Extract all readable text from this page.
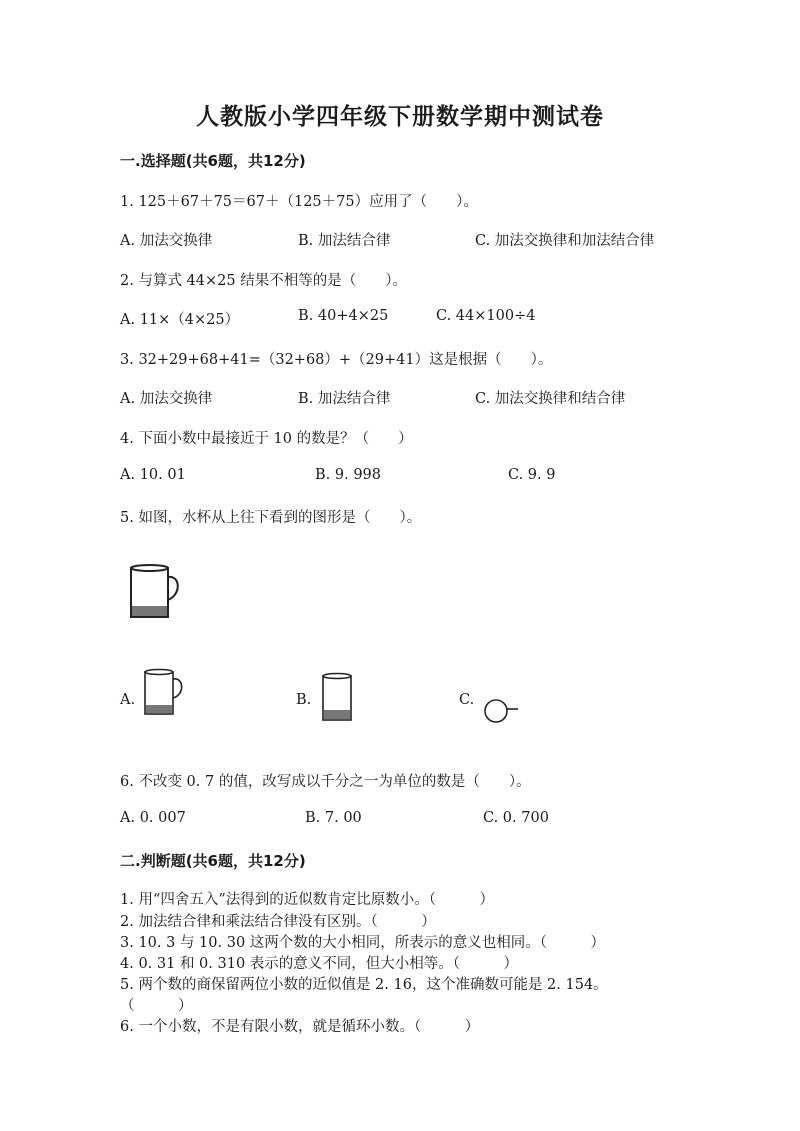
人教版小学四年级下册数学期中测试卷
一.选择题(共6题，共12分)
1. 125＋67＋75＝67＋（125＋75）应用了（　　）。
A. 加法交换律	B. 加法结合律	C. 加法交换律和加法结合律
2. 与算式 44×25 结果不相等的是（　　）。
A. 11×（4×25）	B. 40+4×25	C. 44×100÷4
3. 32+29+68+41=（32+68）+（29+41）这是根据（　　）。
A. 加法交换律	B. 加法结合律	C. 加法交换律和结合律
4. 下面小数中最接近于 10 的数是？（　　）
A. 10. 01	B. 9. 998	C. 9. 9
5. 如图，水杯从上往下看到的图形是（　　）。
A.	B.	C.
6. 不改变 0. 7 的值，改写成以千分之一为单位的数是（　　）。
A. 0. 007	B. 7. 00	C. 0. 700
二.判断题(共6题，共12分)
1. 用“四舍五入”法得到的近似数肯定比原数小。（　　　）
2. 加法结合律和乘法结合律没有区别。（　　　）
3. 10. 3 与 10. 30 这两个数的大小相同，所表示的意义也相同。（　　　）
4. 0. 31 和 0. 310 表示的意义不同，但大小相等。（　　　）
5. 两个数的商保留两位小数的近似值是 2. 16，这个准确数可能是 2. 154。
（　　　）
6. 一个小数，不是有限小数，就是循环小数。（　　　）
